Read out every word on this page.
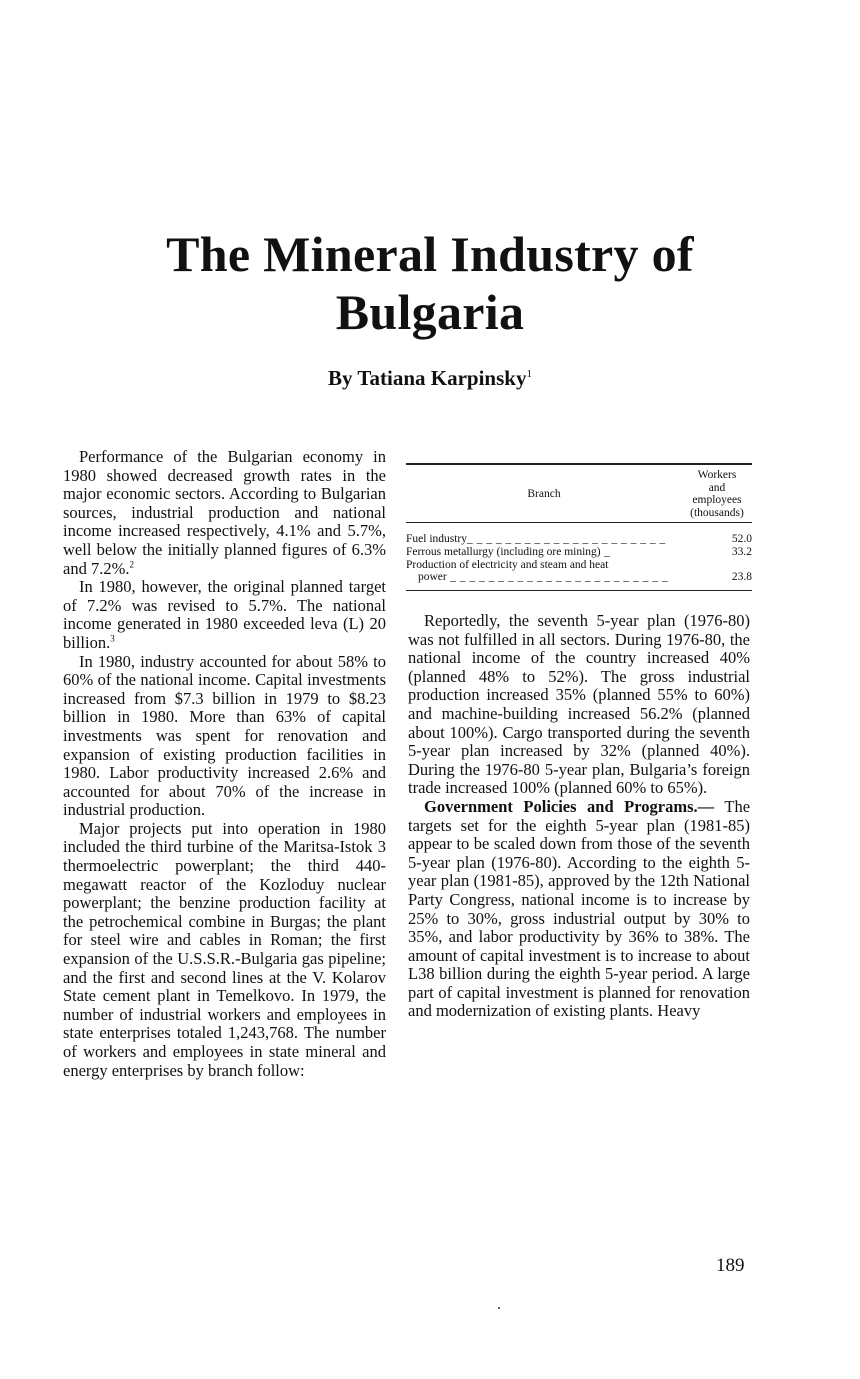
The Mineral Industry of
Bulgaria
By Tatiana Karpinsky$^1$

Performance of the Bulgarian economy in 1980 showed decreased growth rates in the major economic sectors. According to Bulgarian sources, industrial production and national income increased respectively, 4.1% and 5.7%, well below the initially planned figures of 6.3% and 7.2%.$^2$

In 1980, however, the original planned target of 7.2% was revised to 5.7%. The national income generated in 1980 exceeded leva (L) 20 billion.$^3$

In 1980, industry accounted for about 58% to 60% of the national income. Capital investments increased from $7.3 billion in 1979 to $8.23 billion in 1980. More than 63% of capital investments was spent for renovation and expansion of existing production facilities in 1980. Labor productivity increased 2.6% and accounted for about 70% of the increase in industrial production.

Major projects put into operation in 1980 included the third turbine of the Maritsa-Istok 3 thermoelectric powerplant; the third 440-megawatt reactor of the Kozloduy nuclear powerplant; the benzine production facility at the petrochemical combine in Burgas; the plant for steel wire and cables in Roman; the first expansion of the U.S.S.R.-Bulgaria gas pipeline; and the first and second lines at the V. Kolarov State cement plant in Temelkovo. In 1979, the number of industrial workers and employees in state enterprises totaled 1,243,768. The number of workers and employees in state mineral and energy enterprises by branch follow:

Branch
Workers
and
employees
(thousands)
Fuel industry_ _ _ _ _ _ _ _ _ _ _ _ _ _ _ _ _ _ _ _ _	52.0
Ferrous metallurgy (including ore mining) _	33.2
Production of electricity and steam and heat
power _ _ _ _ _ _ _ _ _ _ _ _ _ _ _ _ _ _ _ _ _ _ _	23.8

Reportedly, the seventh 5-year plan (1976-80) was not fulfilled in all sectors. During 1976-80, the national income of the country increased 40% (planned 48% to 52%). The gross industrial production increased 35% (planned 55% to 60%) and machine-building increased 56.2% (planned about 100%). Cargo transported during the seventh 5-year plan increased by 32% (planned 40%). During the 1976-80 5-year plan, Bulgaria’s foreign trade increased 100% (planned 60% to 65%).

Government Policies and Programs.— The targets set for the eighth 5-year plan (1981-85) appear to be scaled down from those of the seventh 5-year plan (1976-80). According to the eighth 5-year plan (1981-85), approved by the 12th National Party Congress, national income is to increase by 25% to 30%, gross industrial output by 30% to 35%, and labor productivity by 36% to 38%. The amount of capital investment is to increase to about L38 billion during the eighth 5-year period. A large part of capital investment is planned for renovation and modernization of existing plants. Heavy

189
